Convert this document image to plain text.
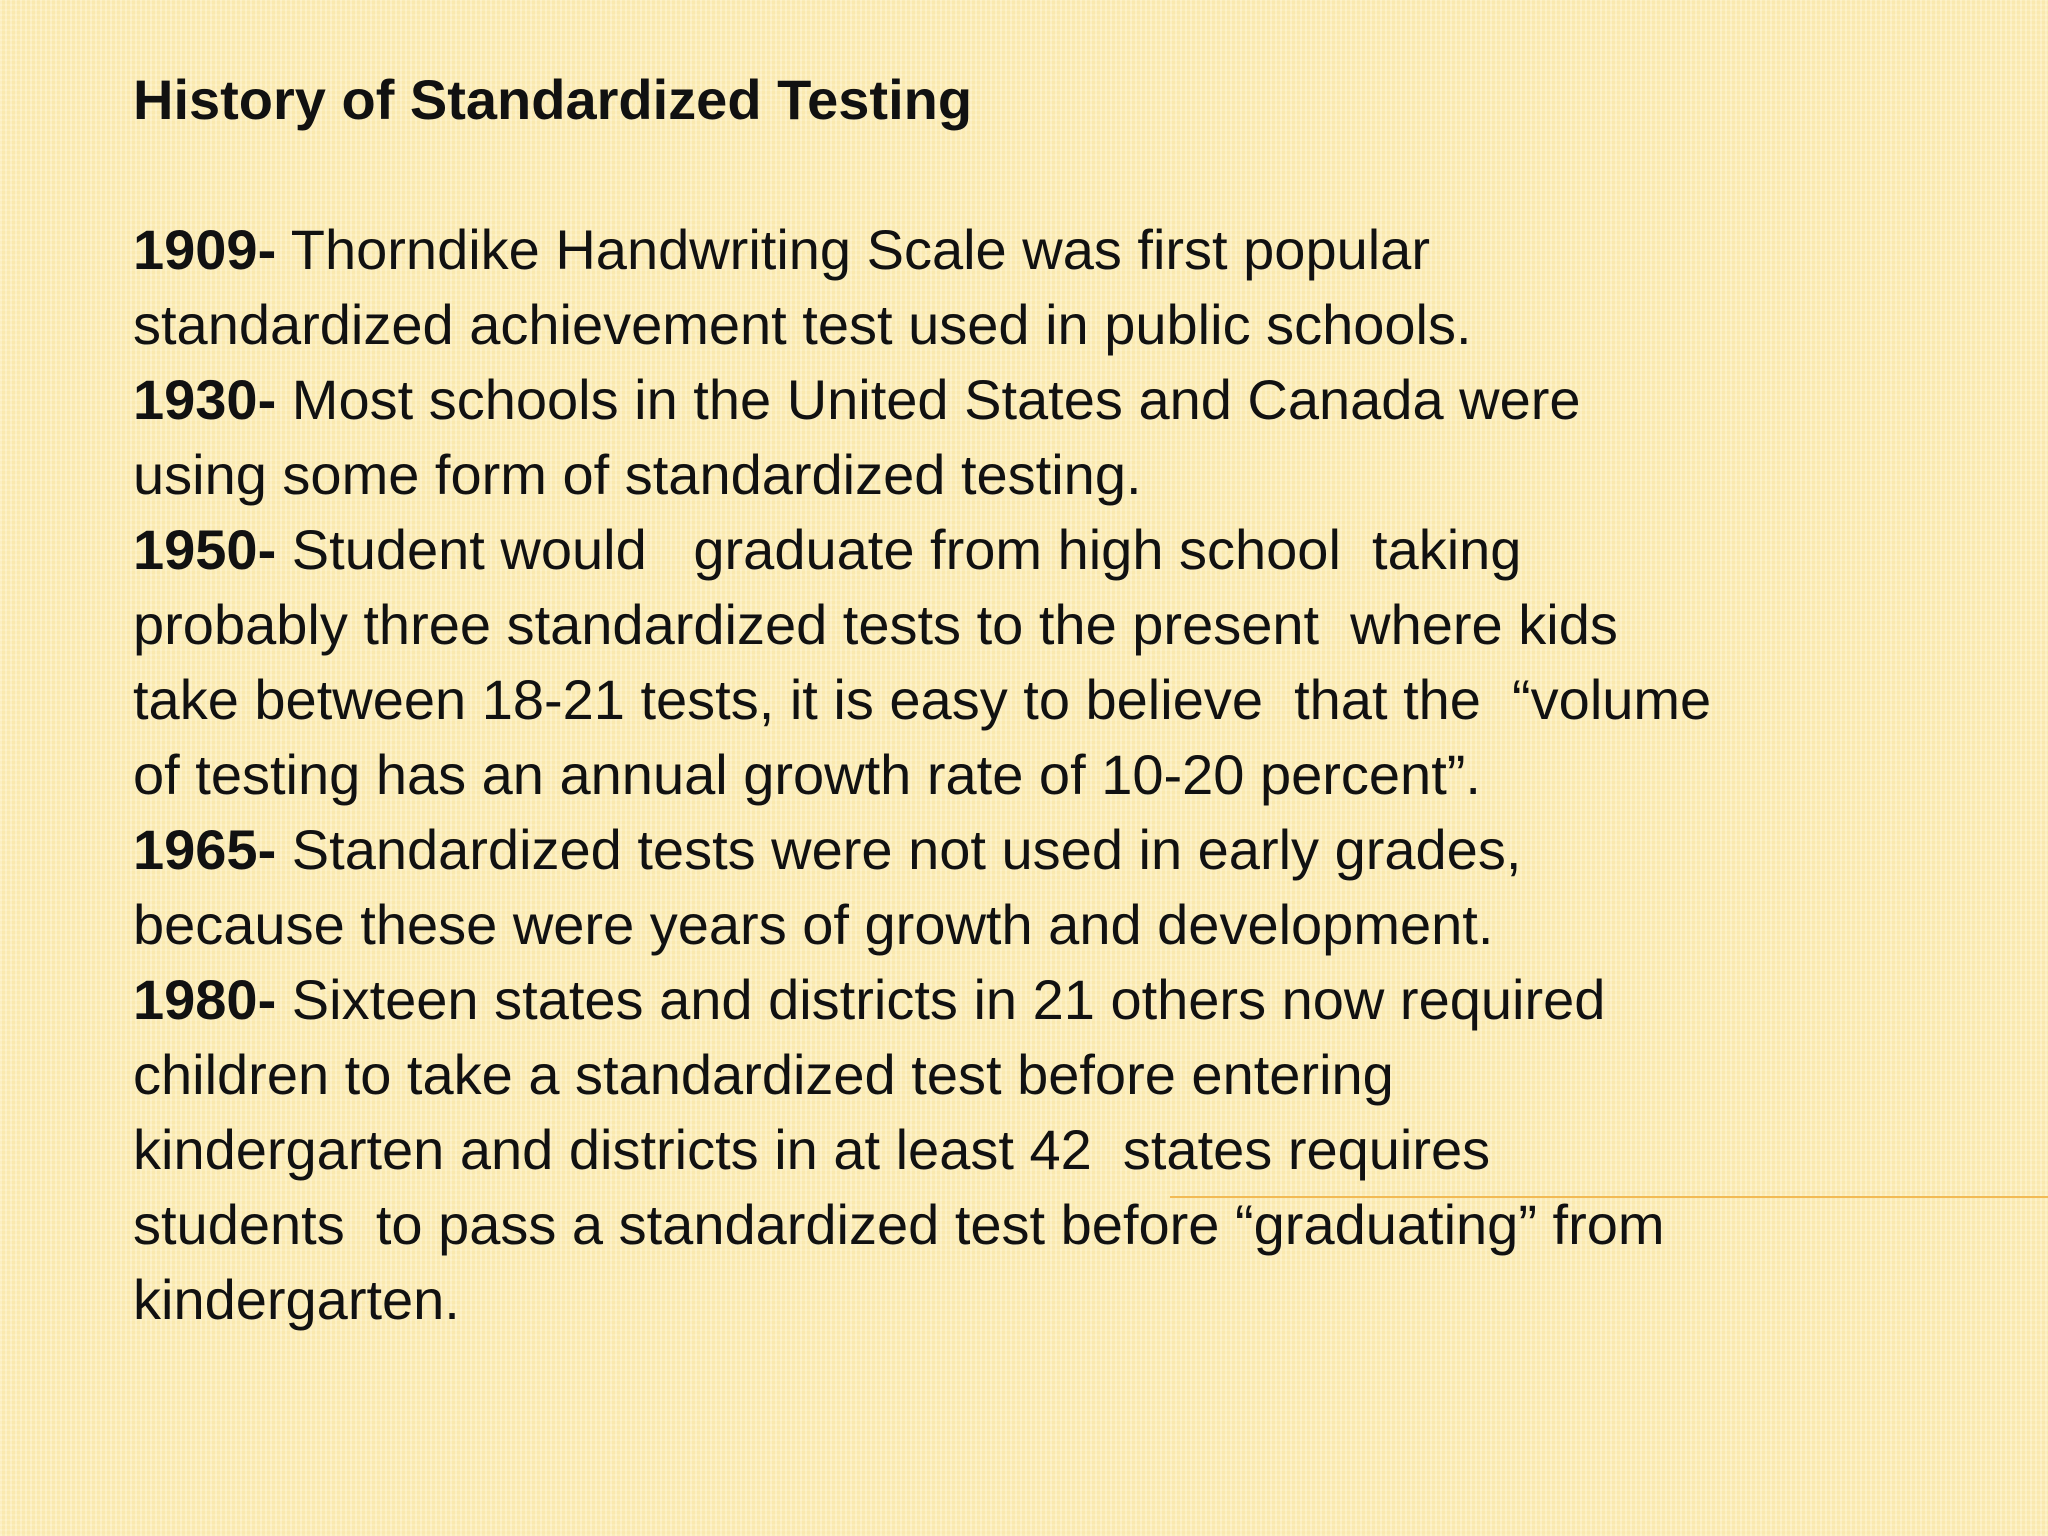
History of Standardized Testing

1909- Thorndike Handwriting Scale was first popular
standardized achievement test used in public schools.

1930- Most schools in the United States and Canada were
using some form of standardized testing.

1950- Student would   graduate from high school  taking
probably three standardized tests to the present  where kids
take between 18-21 tests, it is easy to believe  that the  “volume
of testing has an annual growth rate of 10-20 percent”.

1965- Standardized tests were not used in early grades,
because these were years of growth and development.

1980- Sixteen states and districts in 21 others now required
children to take a standardized test before entering
kindergarten and districts in at least 42  states requires
students  to pass a standardized test before “graduating” from
kindergarten.
